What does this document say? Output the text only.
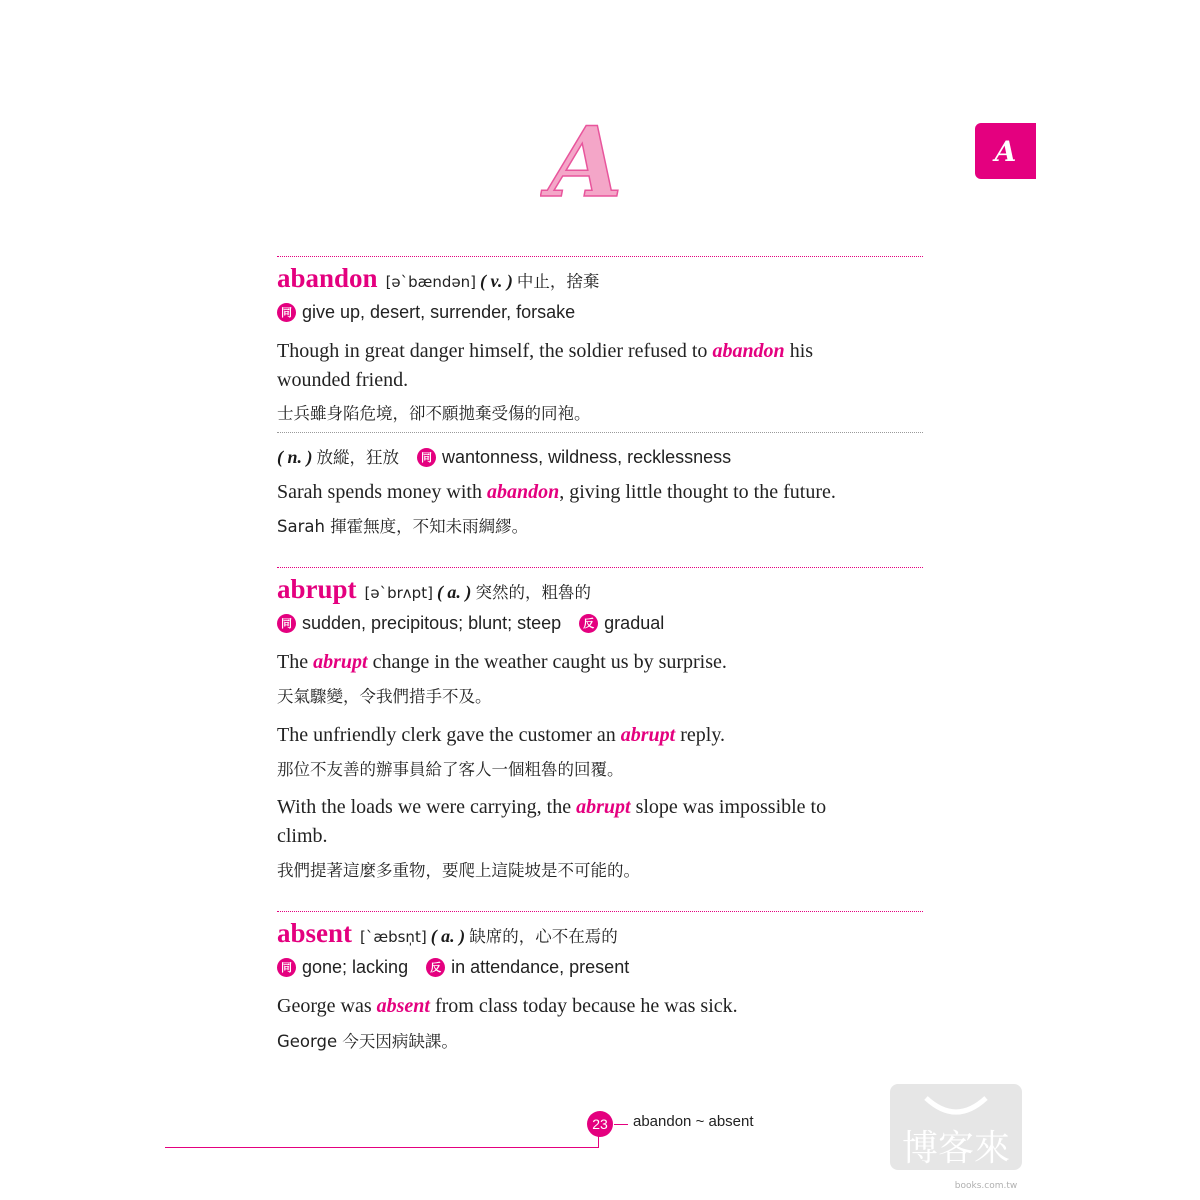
A	A
abandon [əˋbændən] ( v. ) 中止，捨棄
同 give up, desert, surrender, forsake
Though in great danger himself, the soldier refused to abandon his
wounded friend.
士兵雖身陷危境，卻不願拋棄受傷的同袍。
( n. ) 放縱，狂放 同 wantonness, wildness, recklessness
Sarah spends money with abandon, giving little thought to the future.
Sarah 揮霍無度，不知未雨綢繆。
abrupt [əˋbrʌpt] ( a. ) 突然的，粗魯的
同 sudden, precipitous; blunt; steep 反 gradual
The abrupt change in the weather caught us by surprise.
天氣驟變，令我們措手不及。
The unfriendly clerk gave the customer an abrupt reply.
那位不友善的辦事員給了客人一個粗魯的回覆。
With the loads we were carrying, the abrupt slope was impossible to
climb.
我們提著這麼多重物，要爬上這陡坡是不可能的。
absent [ˋæbsn̩t] ( a. ) 缺席的，心不在焉的
同 gone; lacking 反 in attendance, present
George was absent from class today because he was sick.
George 今天因病缺課。
23	abandon ~ absent
博客來
books.com.tw
